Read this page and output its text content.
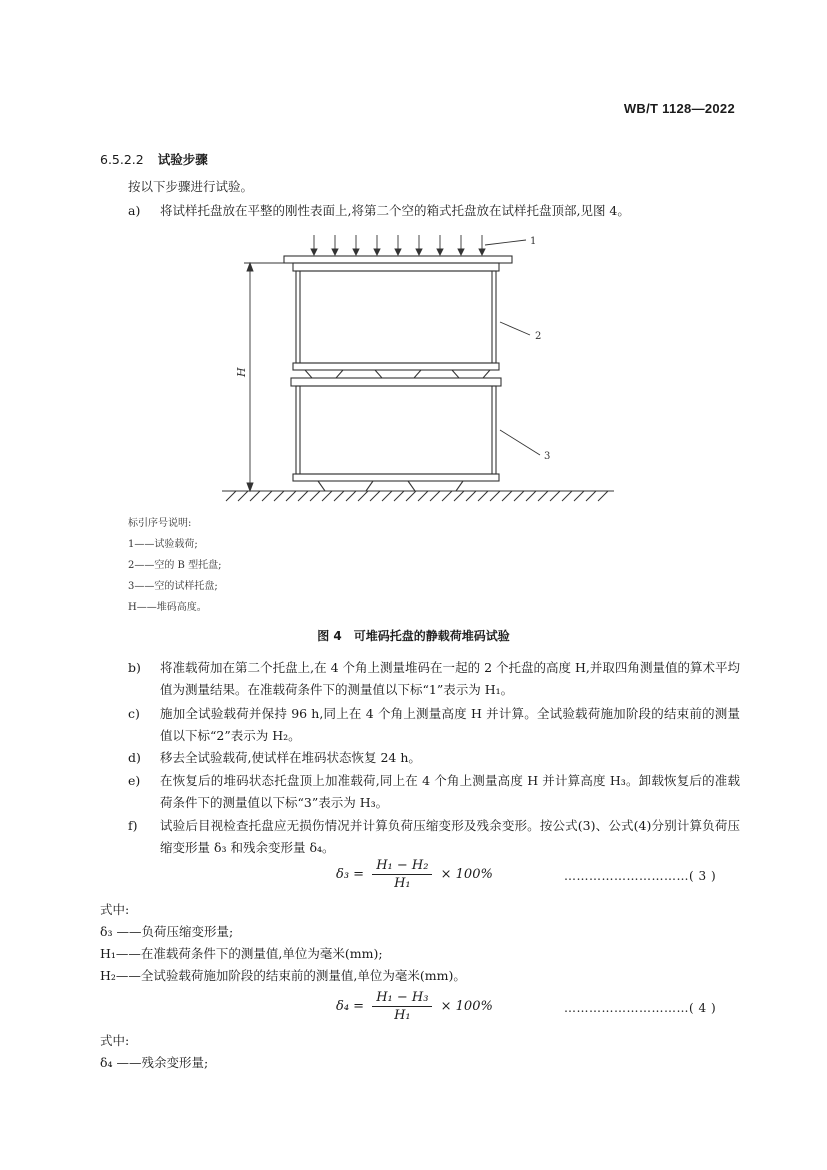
WB/T 1128—2022
6.5.2.2 试验步骤
按以下步骤进行试验。
a)	将试样托盘放在平整的刚性表面上,将第二个空的箱式托盘放在试样托盘顶部,见图 4。
H
1
2
3
标引序号说明:
1——试验载荷;
2——空的 B 型托盘;
3——空的试样托盘;
H——堆码高度。
图 4 可堆码托盘的静载荷堆码试验
b)	将准载荷加在第二个托盘上,在 4 个角上测量堆码在一起的 2 个托盘的高度 H,并取四角测量值的算术平均值为测量结果。在准载荷条件下的测量值以下标“1”表示为 H₁。
c)	施加全试验载荷并保持 96 h,同上在 4 个角上测量高度 H 并计算。全试验载荷施加阶段的结束前的测量值以下标“2”表示为 H₂。
d)	移去全试验载荷,使试样在堆码状态恢复 24 h。
e)	在恢复后的堆码状态托盘顶上加准载荷,同上在 4 个角上测量高度 H 并计算高度 H₃。卸载恢复后的准载荷条件下的测量值以下标“3”表示为 H₃。
f)	试验后目视检查托盘应无损伤情况并计算负荷压缩变形及残余变形。按公式(3)、公式(4)分别计算负荷压缩变形量 δ₃ 和残余变形量 δ₄。
$\delta_3 = \frac{\text{H₁ − H₂}}{\text{H₁}} \times 100\%$	…………………………( 3 )
式中:
δ₃ ——负荷压缩变形量;
H₁——在准载荷条件下的测量值,单位为毫米(mm);
H₂——全试验载荷施加阶段的结束前的测量值,单位为毫米(mm)。
$\delta_4 = \frac{\text{H₁ − H₃}}{\text{H₁}} \times 100\%$	…………………………( 4 )
式中:
δ₄ ——残余变形量;
